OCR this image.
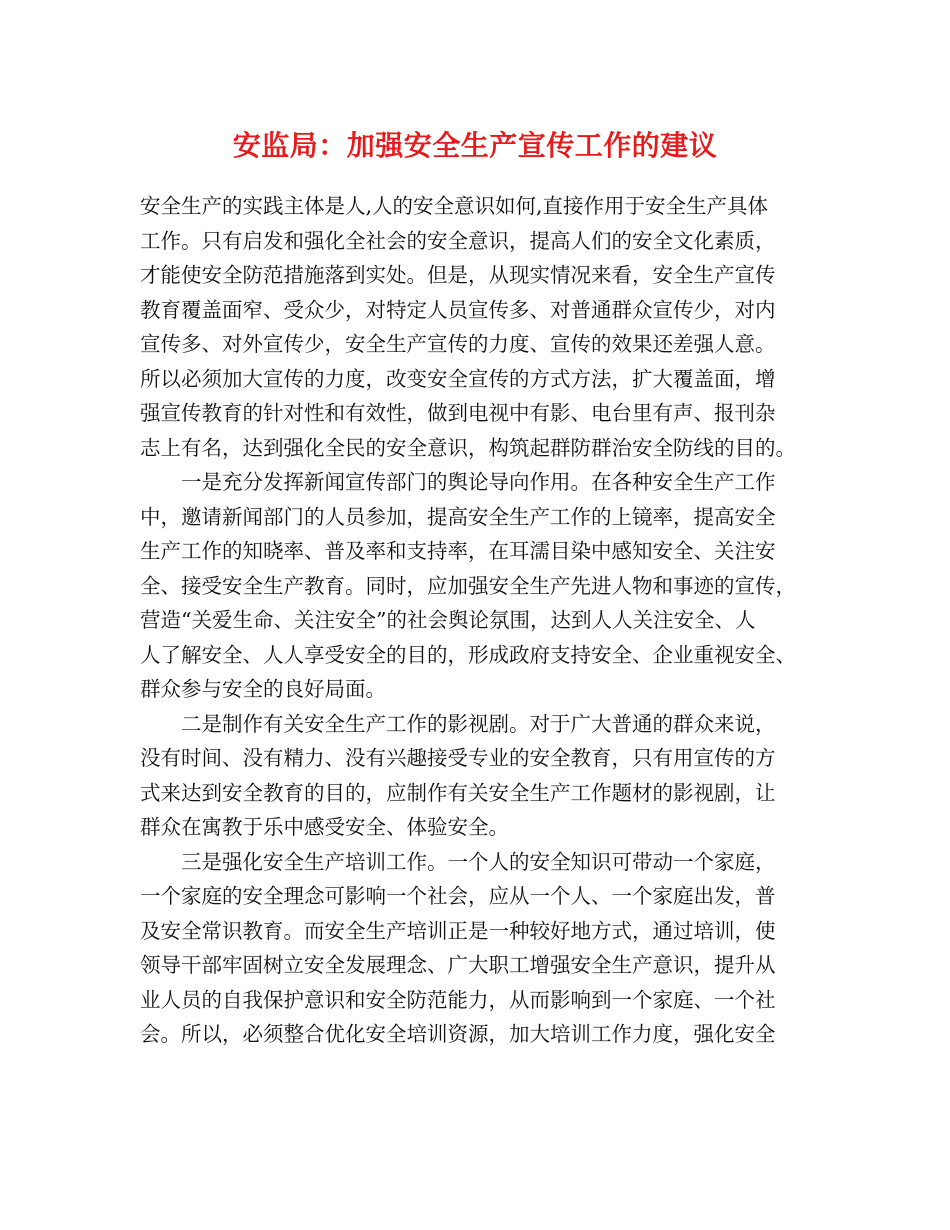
安监局：加强安全生产宣传工作的建议
安全生产的实践主体是人,人的安全意识如何,直接作用于安全生产具体
工作。只有启发和强化全社会的安全意识，提高人们的安全文化素质，
才能使安全防范措施落到实处。但是，从现实情况来看，安全生产宣传
教育覆盖面窄、受众少，对特定人员宣传多、对普通群众宣传少，对内
宣传多、对外宣传少，安全生产宣传的力度、宣传的效果还差强人意。
所以必须加大宣传的力度，改变安全宣传的方式方法，扩大覆盖面，增
强宣传教育的针对性和有效性，做到电视中有影、电台里有声、报刊杂
志上有名，达到强化全民的安全意识，构筑起群防群治安全防线的目的。
一是充分发挥新闻宣传部门的舆论导向作用。在各种安全生产工作
中，邀请新闻部门的人员参加，提高安全生产工作的上镜率，提高安全
生产工作的知晓率、普及率和支持率，在耳濡目染中感知安全、关注安
全、接受安全生产教育。同时，应加强安全生产先进人物和事迹的宣传，
营造“关爱生命、关注安全”的社会舆论氛围，达到人人关注安全、人
人了解安全、人人享受安全的目的，形成政府支持安全、企业重视安全、
群众参与安全的良好局面。
二是制作有关安全生产工作的影视剧。对于广大普通的群众来说，
没有时间、没有精力、没有兴趣接受专业的安全教育，只有用宣传的方
式来达到安全教育的目的，应制作有关安全生产工作题材的影视剧，让
群众在寓教于乐中感受安全、体验安全。
三是强化安全生产培训工作。一个人的安全知识可带动一个家庭，
一个家庭的安全理念可影响一个社会，应从一个人、一个家庭出发，普
及安全常识教育。而安全生产培训正是一种较好地方式，通过培训，使
领导干部牢固树立安全发展理念、广大职工增强安全生产意识，提升从
业人员的自我保护意识和安全防范能力，从而影响到一个家庭、一个社
会。所以，必须整合优化安全培训资源，加大培训工作力度，强化安全
